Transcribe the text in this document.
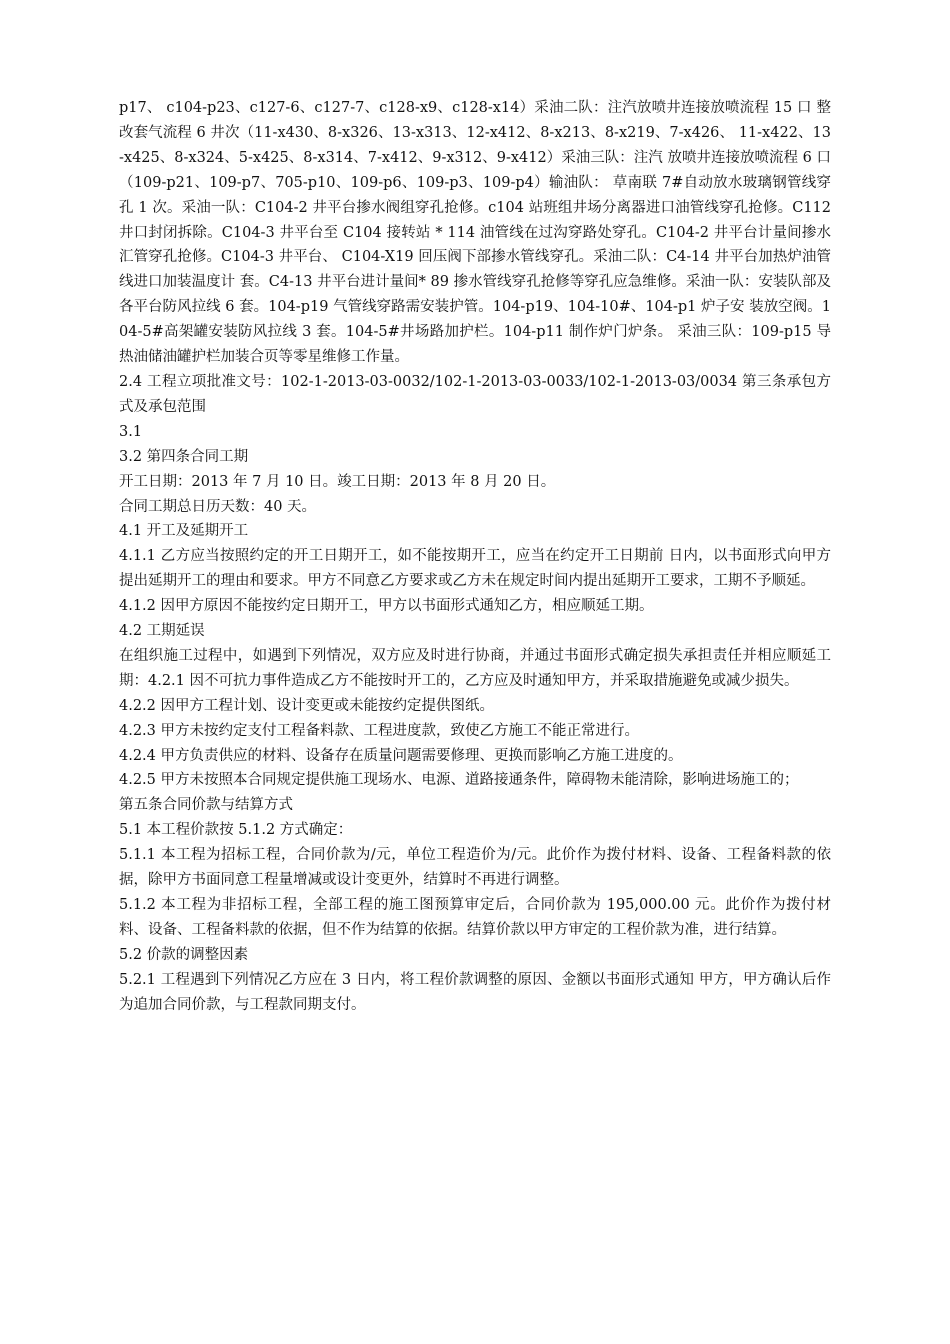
p17、 c104-p23、c127-6、c127-7、c128-x9、c128-x14）采油二队：注汽放喷井连接放喷流程 15 口 整改套气流程 6 井次（11-x430、8-x326、13-x313、12-x412、8-x213、8-x219、7-x426、 11-x422、13-x425、8-x324、5-x425、8-x314、7-x412、9-x312、9-x412）采油三队：注汽 放喷井连接放喷流程 6 口（109-p21、109-p7、705-p10、109-p6、109-p3、109-p4）输油队： 草南联 7#自动放水玻璃钢管线穿孔 1 次。采油一队：C104-2 井平台掺水阀组穿孔抢修。c104 站班组井场分离器进口油管线穿孔抢修。C112 井口封闭拆除。C104-3 井平台至 C104 接转站 * 114 油管线在过沟穿路处穿孔。C104-2 井平台计量间掺水汇管穿孔抢修。C104-3 井平台、 C104-X19 回压阀下部掺水管线穿孔。采油二队：C4-14 井平台加热炉油管线进口加装温度计 套。C4-13 井平台进计量间* 89 掺水管线穿孔抢修等穿孔应急维修。采油一队：安装队部及 各平台防风拉线 6 套。104-p19 气管线穿路需安装护管。104-p19、104-10#、104-p1 炉子安 装放空阀。104-5#高架罐安装防风拉线 3 套。104-5#井场路加护栏。104-p11 制作炉门炉条。 采油三队：109-p15 导热油储油罐护栏加装合页等零星维修工作量。

2.4 工程立项批准文号：102-1-2013-03-0032/102-1-2013-03-0033/102-1-2013-03/0034 第三条承包方式及承包范围

3.1

3.2 第四条合同工期

开工日期：2013 年 7 月 10 日。竣工日期：2013 年 8 月 20 日。

合同工期总日历天数：40 天。

4.1 开工及延期开工

4.1.1 乙方应当按照约定的开工日期开工，如不能按期开工，应当在约定开工日期前 日内，以书面形式向甲方提出延期开工的理由和要求。甲方不同意乙方要求或乙方未在规定时间内提出延期开工要求，工期不予顺延。

4.1.2 因甲方原因不能按约定日期开工，甲方以书面形式通知乙方，相应顺延工期。

4.2 工期延误

在组织施工过程中，如遇到下列情况，双方应及时进行协商，并通过书面形式确定损失承担责任并相应顺延工期：4.2.1 因不可抗力事件造成乙方不能按时开工的，乙方应及时通知甲方，并采取措施避免或减少损失。

4.2.2 因甲方工程计划、设计变更或未能按约定提供图纸。

4.2.3 甲方未按约定支付工程备料款、工程进度款，致使乙方施工不能正常进行。

4.2.4 甲方负责供应的材料、设备存在质量问题需要修理、更换而影响乙方施工进度的。

4.2.5 甲方未按照本合同规定提供施工现场水、电源、道路接通条件，障碍物未能清除，影响进场施工的；

第五条合同价款与结算方式

5.1 本工程价款按 5.1.2 方式确定：

5.1.1 本工程为招标工程，合同价款为/元，单位工程造价为/元。此价作为拨付材料、设备、工程备料款的依据，除甲方书面同意工程量增减或设计变更外，结算时不再进行调整。

5.1.2 本工程为非招标工程，全部工程的施工图预算审定后，合同价款为 195,000.00 元。此价作为拨付材料、设备、工程备料款的依据，但不作为结算的依据。结算价款以甲方审定的工程价款为准，进行结算。

5.2 价款的调整因素

5.2.1 工程遇到下列情况乙方应在 3 日内，将工程价款调整的原因、金额以书面形式通知 甲方，甲方确认后作为追加合同价款，与工程款同期支付。
